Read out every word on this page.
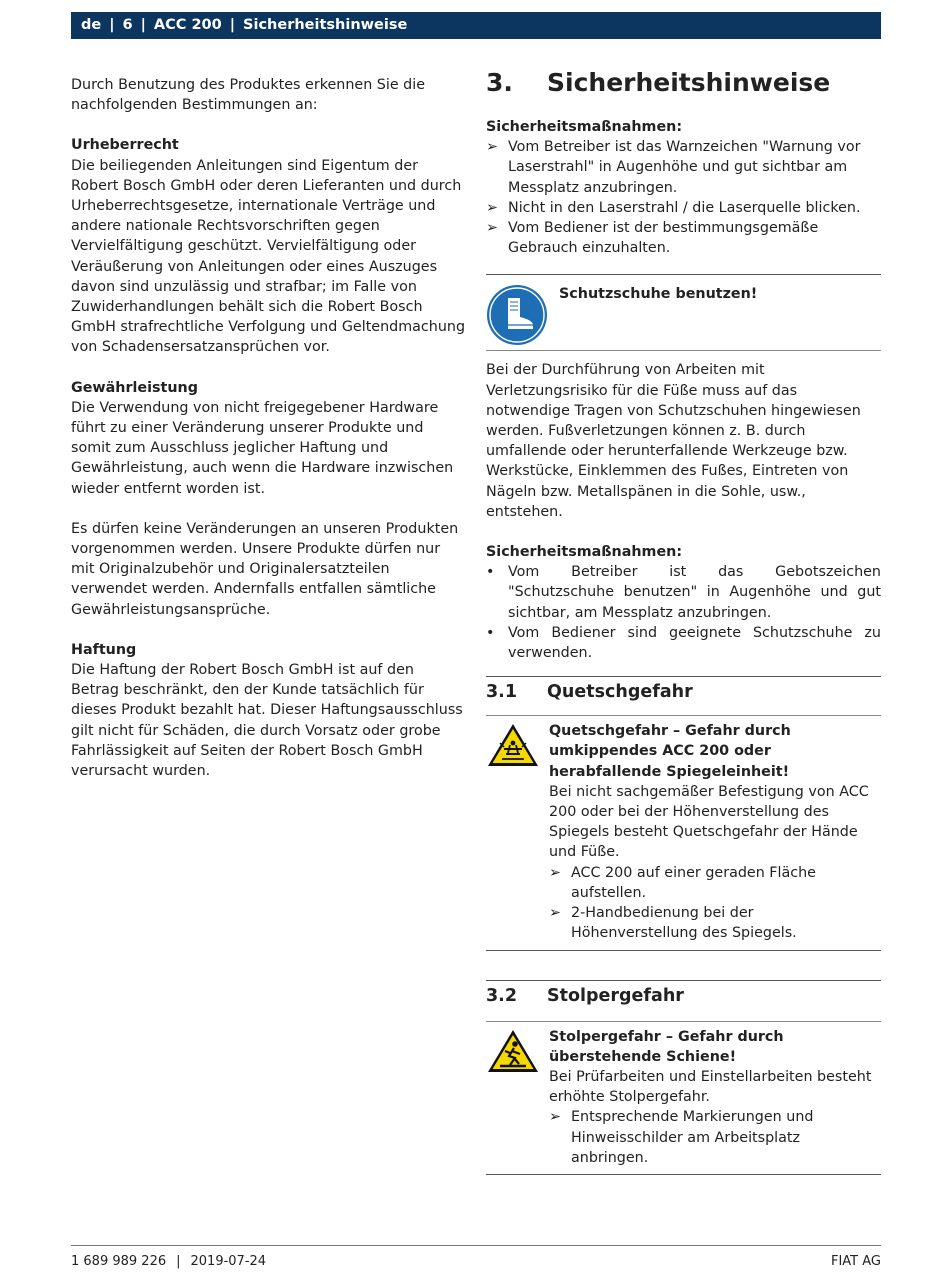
de | 6 | ACC 200 | Sicherheitshinweise

Durch Benutzung des Produktes erkennen Sie die nachfolgenden Bestimmungen an:

Urheberrecht

Die beiliegenden Anleitungen sind Eigentum der Robert Bosch GmbH oder deren Lieferanten und durch Urheberrechtsgesetze, internationale Verträge und andere nationale Rechtsvorschriften gegen Vervielfältigung geschützt. Vervielfältigung oder Veräußerung von Anleitungen oder eines Auszuges davon sind unzulässig und strafbar; im Falle von Zuwiderhandlungen behält sich die Robert Bosch GmbH strafrechtliche Verfolgung und Geltendmachung von Schadensersatzansprüchen vor.

Gewährleistung

Die Verwendung von nicht freigegebener Hardware führt zu einer Veränderung unserer Produkte und somit zum Ausschluss jeglicher Haftung und Gewährleistung, auch wenn die Hardware inzwischen wieder entfernt worden ist.

Es dürfen keine Veränderungen an unseren Produkten vorgenommen werden. Unsere Produkte dürfen nur mit Originalzubehör und Originalersatzteilen verwendet werden. Andernfalls entfallen sämtliche Gewährleistungsansprüche.

Haftung

Die Haftung der Robert Bosch GmbH ist auf den Betrag beschränkt, den der Kunde tatsächlich für dieses Produkt bezahlt hat. Dieser Haftungsausschluss gilt nicht für Schäden, die durch Vorsatz oder grobe Fahrlässigkeit auf Seiten der Robert Bosch GmbH verursacht wurden.

3. Sicherheitshinweise

Sicherheitsmaßnahmen:

➢ Vom Betreiber ist das Warnzeichen "Warnung vor Laserstrahl" in Augenhöhe und gut sichtbar am Messplatz anzubringen.
➢ Nicht in den Laserstrahl / die Laserquelle blicken.
➢ Vom Bediener ist der bestimmungsgemäße Gebrauch einzuhalten.
Schutzschuhe benutzen!

Bei der Durchführung von Arbeiten mit Verletzungsrisiko für die Füße muss auf das notwendige Tragen von Schutzschuhen hingewiesen werden. Fußverletzungen können z. B. durch umfallende oder herunterfallende Werkzeuge bzw. Werkstücke, Einklemmen des Fußes, Eintreten von Nägeln bzw. Metallspänen in die Sohle, usw., entstehen.

Sicherheitsmaßnahmen:

• Vom Betreiber ist das Gebotszeichen "Schutzschuhe benutzen" in Augenhöhe und gut sichtbar, am Messplatz anzubringen.
• Vom Bediener sind geeignete Schutzschuhe zu verwenden.
3.1 Quetschgefahr

Quetschgefahr – Gefahr durch umkippendes ACC 200 oder herabfallende Spiegeleinheit!

Bei nicht sachgemäßer Befestigung von ACC 200 oder bei der Höhenverstellung des Spiegels besteht Quetschgefahr der Hände und Füße.

➢ ACC 200 auf einer geraden Fläche aufstellen.
➢ 2-Handbedienung bei der Höhenverstellung des Spiegels.
3.2 Stolpergefahr

Stolpergefahr – Gefahr durch überstehende Schiene!

Bei Prüfarbeiten und Einstellarbeiten besteht erhöhte Stolpergefahr.

➢ Entsprechende Markierungen und Hinweisschilder am Arbeitsplatz anbringen.
1 689 989 226 | 2019-07-24	FIAT AG
